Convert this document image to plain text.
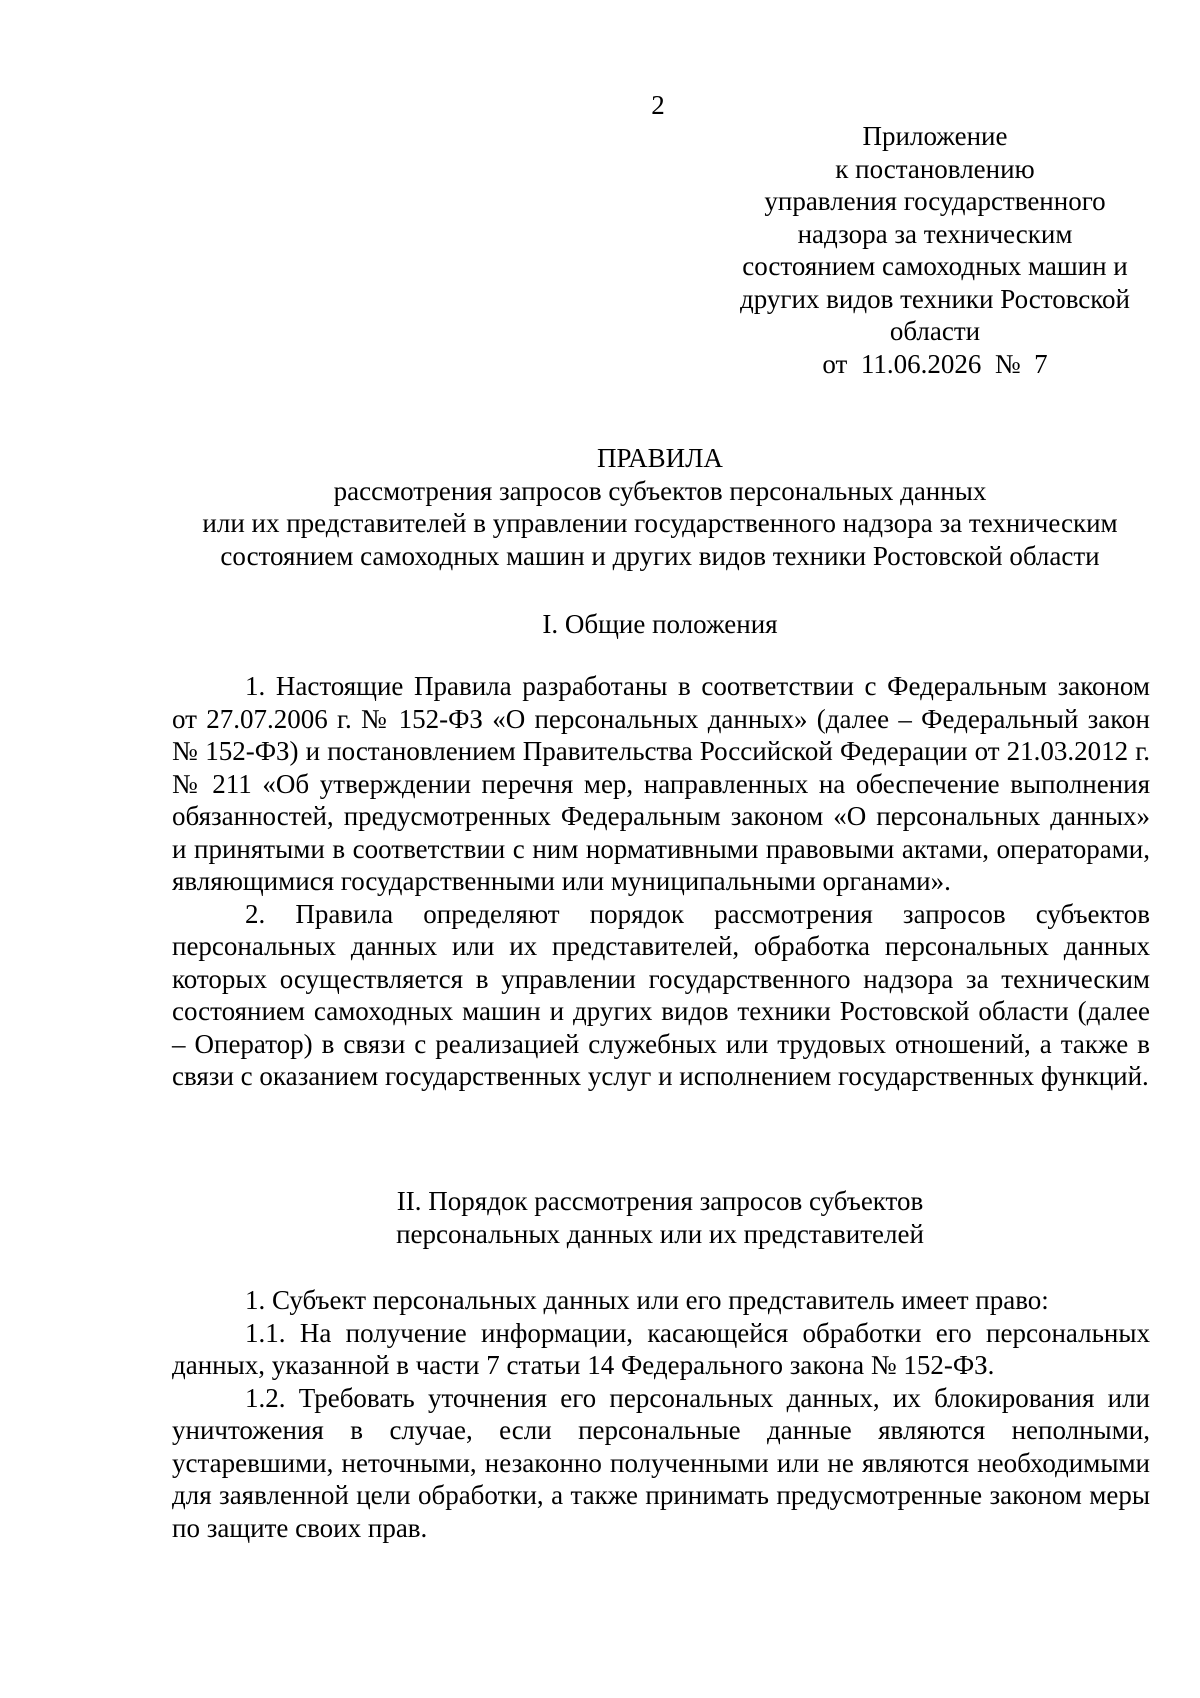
2
Приложение
к постановлению
управления государственного
надзора за техническим
состоянием самоходных машин и
других видов техники Ростовской
области
от 11.06.2026 № 7
ПРАВИЛА
рассмотрения запросов субъектов персональных данных
или их представителей в управлении государственного надзора за техническим
состоянием самоходных машин и других видов техники Ростовской области
I. Общие положения

1. Настоящие Правила разработаны в соответствии с Федеральным законом от 27.07.2006 г. № 152-ФЗ «О персональных данных» (далее – Федеральный закон № 152-ФЗ) и постановлением Правительства Российской Федерации от 21.03.2012 г. № 211 «Об утверждении перечня мер, направленных на обеспечение выполнения обязанностей, предусмотренных Федеральным законом «О персональных данных» и принятыми в соответствии с ним нормативными правовыми актами, операторами, являющимися государственными или муниципальными органами».

2. Правила определяют порядок рассмотрения запросов субъектов персональных данных или их представителей, обработка персональных данных которых осуществляется в управлении государственного надзора за техническим состоянием самоходных машин и других видов техники Ростовской области (далее – Оператор) в связи с реализацией служебных или трудовых отношений, а также в связи с оказанием государственных услуг и исполнением государственных функций.

II. Порядок рассмотрения запросов субъектов
персональных данных или их представителей

1. Субъект персональных данных или его представитель имеет право:

1.1. На получение информации, касающейся обработки его персональных данных, указанной в части 7 статьи 14 Федерального закона № 152-ФЗ.

1.2. Требовать уточнения его персональных данных, их блокирования или уничтожения в случае, если персональные данные являются неполными, устаревшими, неточными, незаконно полученными или не являются необходимыми для заявленной цели обработки, а также принимать предусмотренные законом меры по защите своих прав.
